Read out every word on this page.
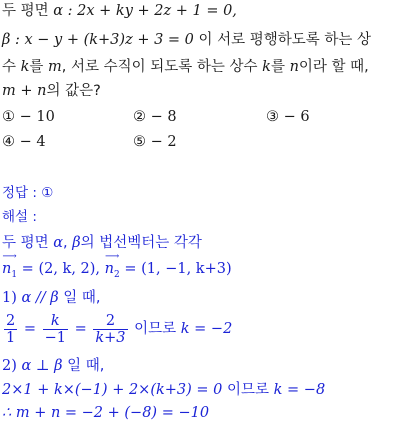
두 평면 α : 2x + ky + 2z + 1 = 0,
β : x − y + (k+3)z + 3 = 0 이 서로 평행하도록 하는 상
수 k를 m, 서로 수직이 되도록 하는 상수 k를 n이라 할 때,
m + n의 값은?
① − 10	② − 8	③ − 6
④ − 4	⑤ − 2
정답 : ①
해설 :
두 평면 α, β의 법선벡터는 각각
⟶
$n_1 = (2$, k, 2),
⟶
$n_2 = (1$, −1, k+3)
1) α // β 일 때,
$\frac{2}{1} = \frac{k}{-1} = \frac{2}{k+3}$ 이므로 k = −2
2) α ⊥ β 일 때,
2×1 + k×(−1) + 2×(k+3) = 0 이므로 k = −8
∴ m + n = −2 + (−8) = −10
